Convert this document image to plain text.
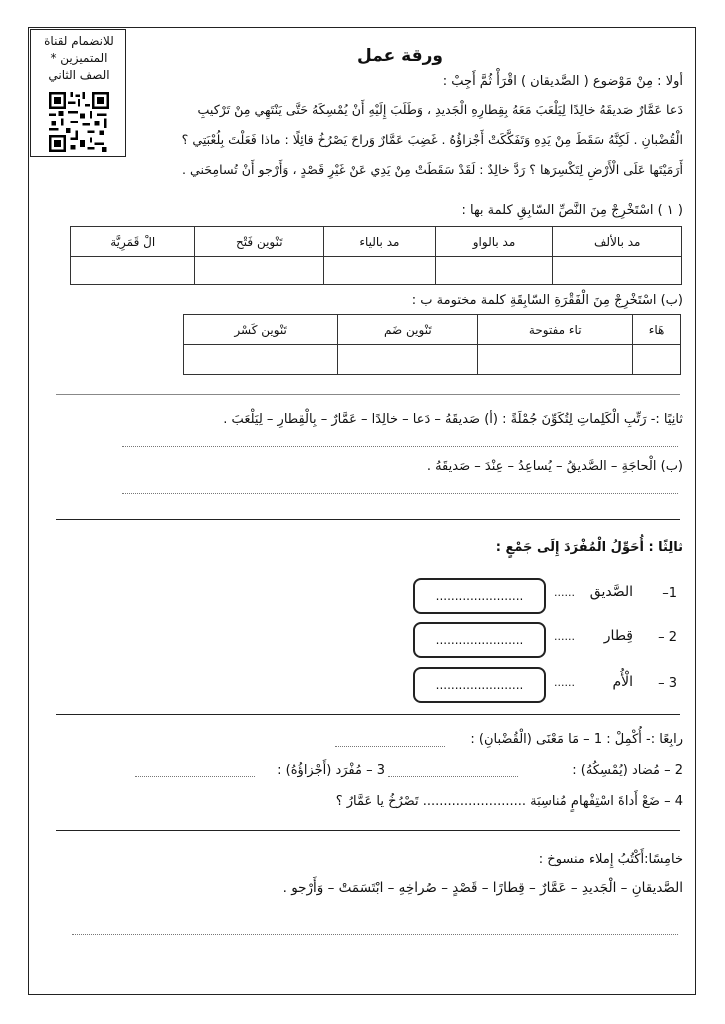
للانضمام لقناة
المتميزين *
الصف الثاني
ورقة عمل
أولا : مِنْ مَوْضوع ( الصَّديقان ) اقْرَأْ ثُمَّ أَجِبْ :
دَعا عَمَّارٌ صَديقَهُ خالِدًا لِيَلْعَبَ مَعَهُ بِقِطارِهِ الْجَديدِ ، وَطَلَبَ إِلَيْهِ أَنْ يُمْسِكَهُ حَتَّى يَنْتَهِي مِنْ تَرْكيبِ
الْقُضْبانِ . لَكِنَّهُ سَقَطَ مِنْ يَدِهِ وَتَفَكَّكَتْ أَجْزاؤُهُ . غَضِبَ عَمَّارٌ وَراحَ يَصْرُخُ قائِلًا : ماذا فَعَلْتَ بِلُعْبَتِي ؟
أَرَمَيْتَها عَلَى الْأَرْضِ لِتَكْسِرَها ؟ رَدَّ خالِدٌ : لَقَدْ سَقَطَتْ مِنْ يَدِي عَنْ غَيْرِ قَصْدٍ ، وَأَرْجو أَنْ تُسامِحَني .
( ١ ) اسْتَخْرِجْ مِنَ النَّصِّ السّابِقِ كلمة بها :
مد بالألف	مد بالواو	مد بالياء	تَنْوين فَتْح	الْ قَمَرِيَّة

(ب) اسْتَخْرِجْ مِنَ الْفَقْرَةِ السّابِقَةِ كلمة مختومة ب :
هَاء	تاء مفتوحة	تَنْوين ضَم	تَنْوين كَسْر

ثانِيًا :- رَتِّبِ الْكَلِماتِ لِتُكَوِّنَ جُمْلَةً : (أ) صَديقَهُ – دَعا – خالِدًا – عَمَّارٌ – بِالْقِطارِ – لِيَلْعَبَ .
(ب) الْحاجَةِ – الصَّديقُ – يُساعِدُ – عِنْدَ – صَديقَهُ .
ثالِثًا : أُحَوِّلُ الْمُفْرَدَ إِلَى جَمْعٍ :
1–
الصَّديق
......
.......................
2 –
قِطار
......
.......................
3 –
الْأُم
......
.......................
رابِعًا :- أُكْمِلْ : 1 – مَا مَعْنَى (الْقُضْبانِ) :
2 – مُضاد (يُمْسِكُهُ) :
3 – مُفْرَد (أَجْزاؤُهُ) :
4 – ضَعْ أَداةَ اسْتِفْهامٍ مُناسِبَة ......................... تَصْرُخُ يا عَمَّارُ ؟
خامِسًا:أَكْتُبُ إِملاء منسوخ :
الصَّديقانِ – الْجَديدِ – عَمَّارٌ – قِطارًا – قَصْدٍ – صُراخِهِ – ابْتَسَمَتْ – وَأَرْجو .
